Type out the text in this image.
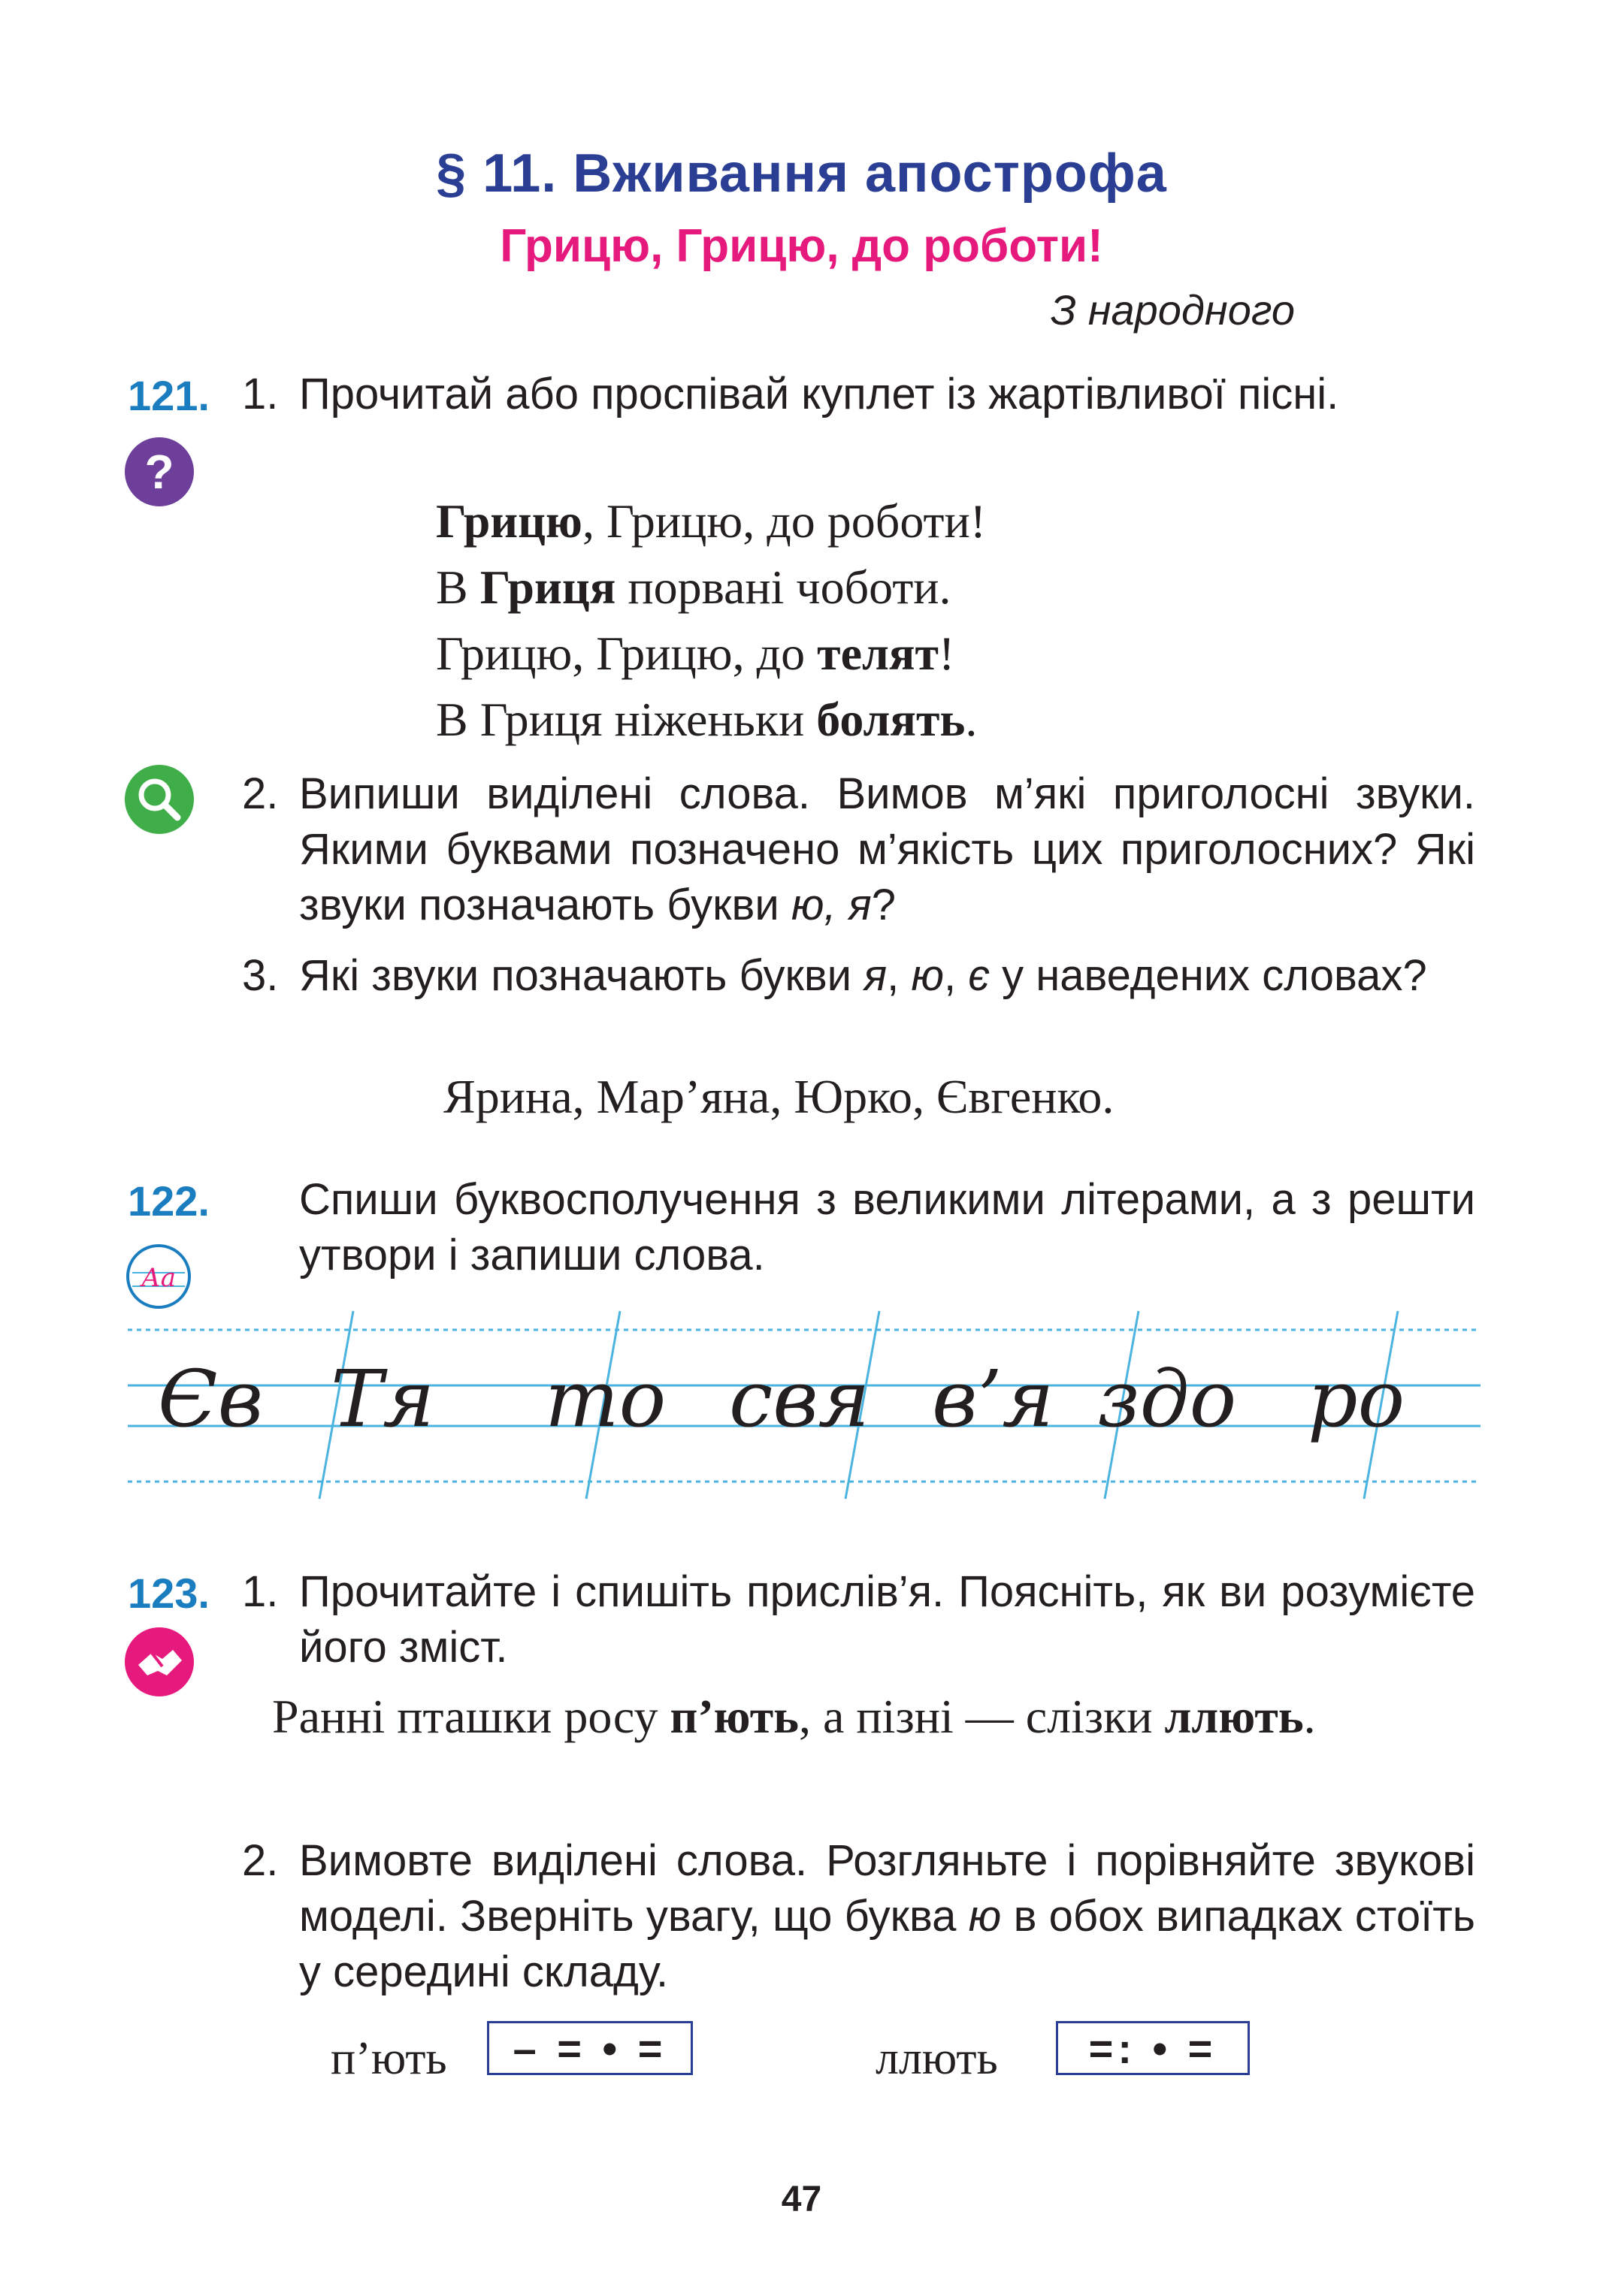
§ 11. Вживання апострофа
Грицю, Грицю, до роботи!
З народного
121.
?
1. Прочитай або проспівай куплет із жартівливої пісні.
Грицю, Грицю, до роботи!
В Гриця порвані чоботи.
Грицю, Грицю, до телят!
В Гриця ніженьки болять.
2. Випиши виділені слова. Вимов м’які приголосні звуки. Якими буквами позначено м’якість цих приголосних? Які звуки позначають букви ю, я?
3. Які звуки позначають букви я, ю, є у наведених словах?
Ярина, Мар’яна, Юрко, Євгенко.
122. Спиши буквосполучення з великими літерами, а з решти утвори і запиши слова.
Аа
Єв Тя то свя в’я здо ро
123. 1. Прочитайте і спишіть прислів’я. Поясніть, як ви розумієте його зміст.
Ранні пташки росу п’ють, а пізні — слізки ллють.
2. Вимовте виділені слова. Розгляньте і порівняйте звукові моделі. Зверніть увагу, що буква ю в обох випадках стоїть у середині складу.
п’ють	– = • =	ллють	=: • =
47
